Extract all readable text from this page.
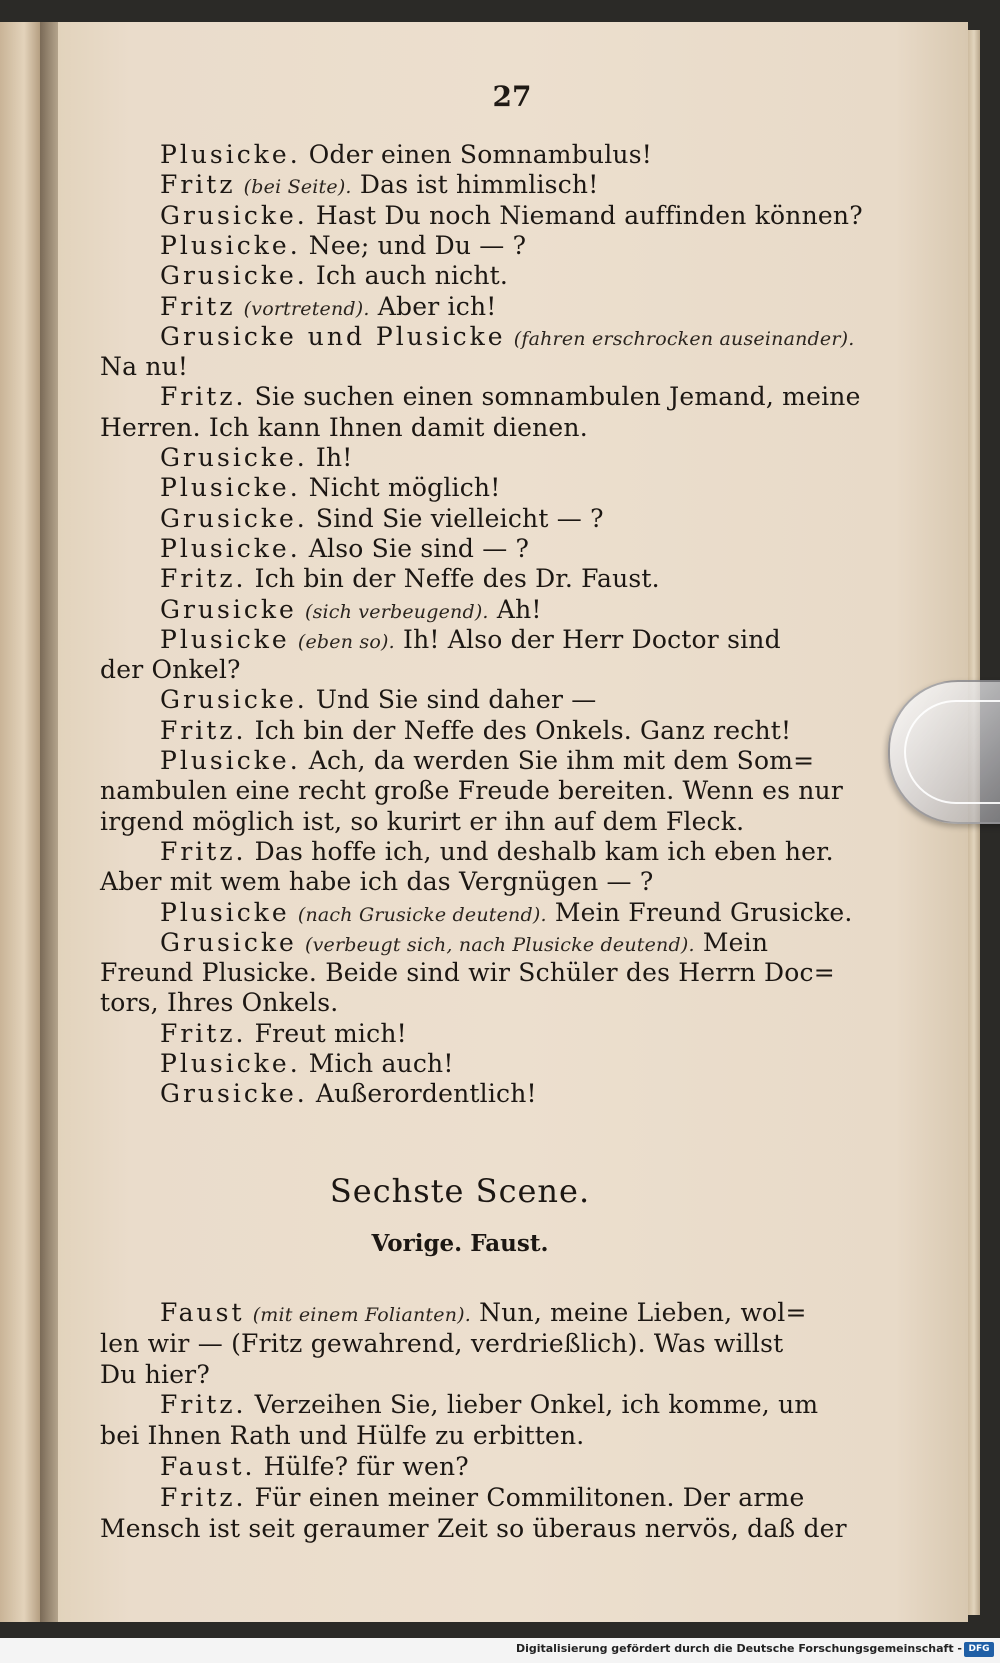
27
Plusicke. Oder einen Somnambulus!
Fritz (bei Seite). Das ist himmlisch!
Grusicke. Hast Du noch Niemand auffinden können?
Plusicke. Nee; und Du — ?
Grusicke. Ich auch nicht.
Fritz (vortretend). Aber ich!
Grusicke und Plusicke (fahren erschrocken auseinander).
Na nu!
Fritz. Sie suchen einen somnambulen Jemand, meine
Herren. Ich kann Ihnen damit dienen.
Grusicke. Ih!
Plusicke. Nicht möglich!
Grusicke. Sind Sie vielleicht — ?
Plusicke. Also Sie sind — ?
Fritz. Ich bin der Neffe des Dr. Faust.
Grusicke (sich verbeugend). Ah!
Plusicke (eben so). Ih! Also der Herr Doctor sind
der Onkel?
Grusicke. Und Sie sind daher —
Fritz. Ich bin der Neffe des Onkels. Ganz recht!
Plusicke. Ach, da werden Sie ihm mit dem Som=
nambulen eine recht große Freude bereiten. Wenn es nur
irgend möglich ist, so kurirt er ihn auf dem Fleck.
Fritz. Das hoffe ich, und deshalb kam ich eben her.
Aber mit wem habe ich das Vergnügen — ?
Plusicke (nach Grusicke deutend). Mein Freund Grusicke.
Grusicke (verbeugt sich, nach Plusicke deutend). Mein
Freund Plusicke. Beide sind wir Schüler des Herrn Doc=
tors, Ihres Onkels.
Fritz. Freut mich!
Plusicke. Mich auch!
Grusicke. Außerordentlich!
Faust (mit einem Folianten). Nun, meine Lieben, wol=
len wir — (Fritz gewahrend, verdrießlich). Was willst
Du hier?
Fritz. Verzeihen Sie, lieber Onkel, ich komme, um
bei Ihnen Rath und Hülfe zu erbitten.
Faust. Hülfe? für wen?
Fritz. Für einen meiner Commilitonen. Der arme
Mensch ist seit geraumer Zeit so überaus nervös, daß der
Sechste Scene.
Vorige. Faust.
Digitalisierung gefördert durch die Deutsche Forschungsgemeinschaft - DFG
